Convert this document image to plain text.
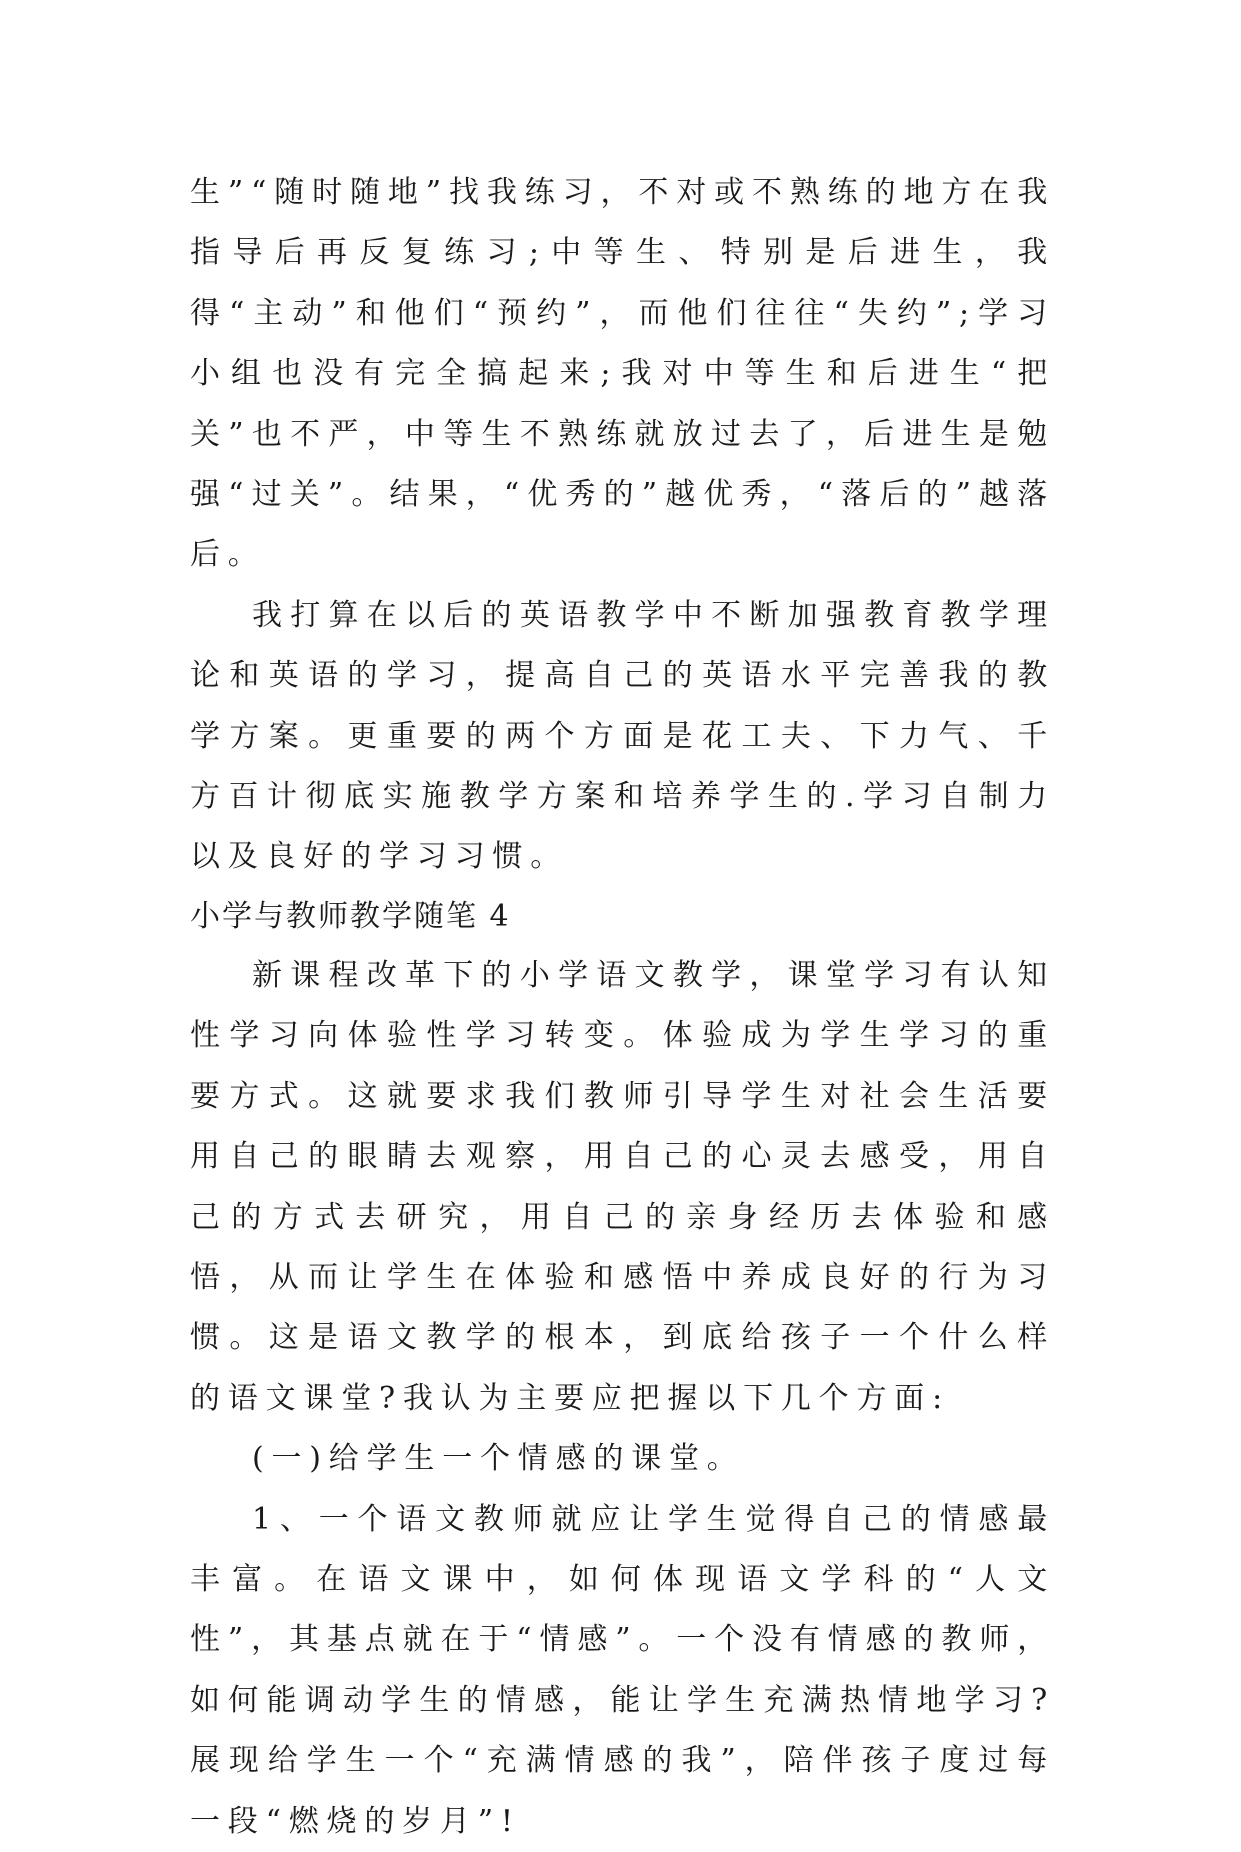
生”“随时随地”找我练习，不对或不熟练的地方在我指导后再反复练习;中等生、特别是后进生，我得“主动”和他们“预约”，而他们往往“失约”;学习小组也没有完全搞起来;我对中等生和后进生“把关”也不严，中等生不熟练就放过去了，后进生是勉强“过关”。结果，“优秀的”越优秀，“落后的”越落后。

我打算在以后的英语教学中不断加强教育教学理论和英语的学习，提高自己的英语水平完善我的教学方案。更重要的两个方面是花工夫、下力气、千方百计彻底实施教学方案和培养学生的.学习自制力以及良好的学习习惯。

小学与教师教学随笔 4

新课程改革下的小学语文教学，课堂学习有认知性学习向体验性学习转变。体验成为学生学习的重要方式。这就要求我们教师引导学生对社会生活要用自己的眼睛去观察，用自己的心灵去感受，用自己的方式去研究，用自己的亲身经历去体验和感悟，从而让学生在体验和感悟中养成良好的行为习惯。这是语文教学的根本，到底给孩子一个什么样的语文课堂?我认为主要应把握以下几个方面:

(一)给学生一个情感的课堂。

1、一个语文教师就应让学生觉得自己的情感最丰富。在语文课中，如何体现语文学科的“人文性”，其基点就在于“情感”。一个没有情感的教师，如何能调动学生的情感，能让学生充满热情地学习?展现给学生一个“充满情感的我”，陪伴孩子度过每一段“燃烧的岁月”!
